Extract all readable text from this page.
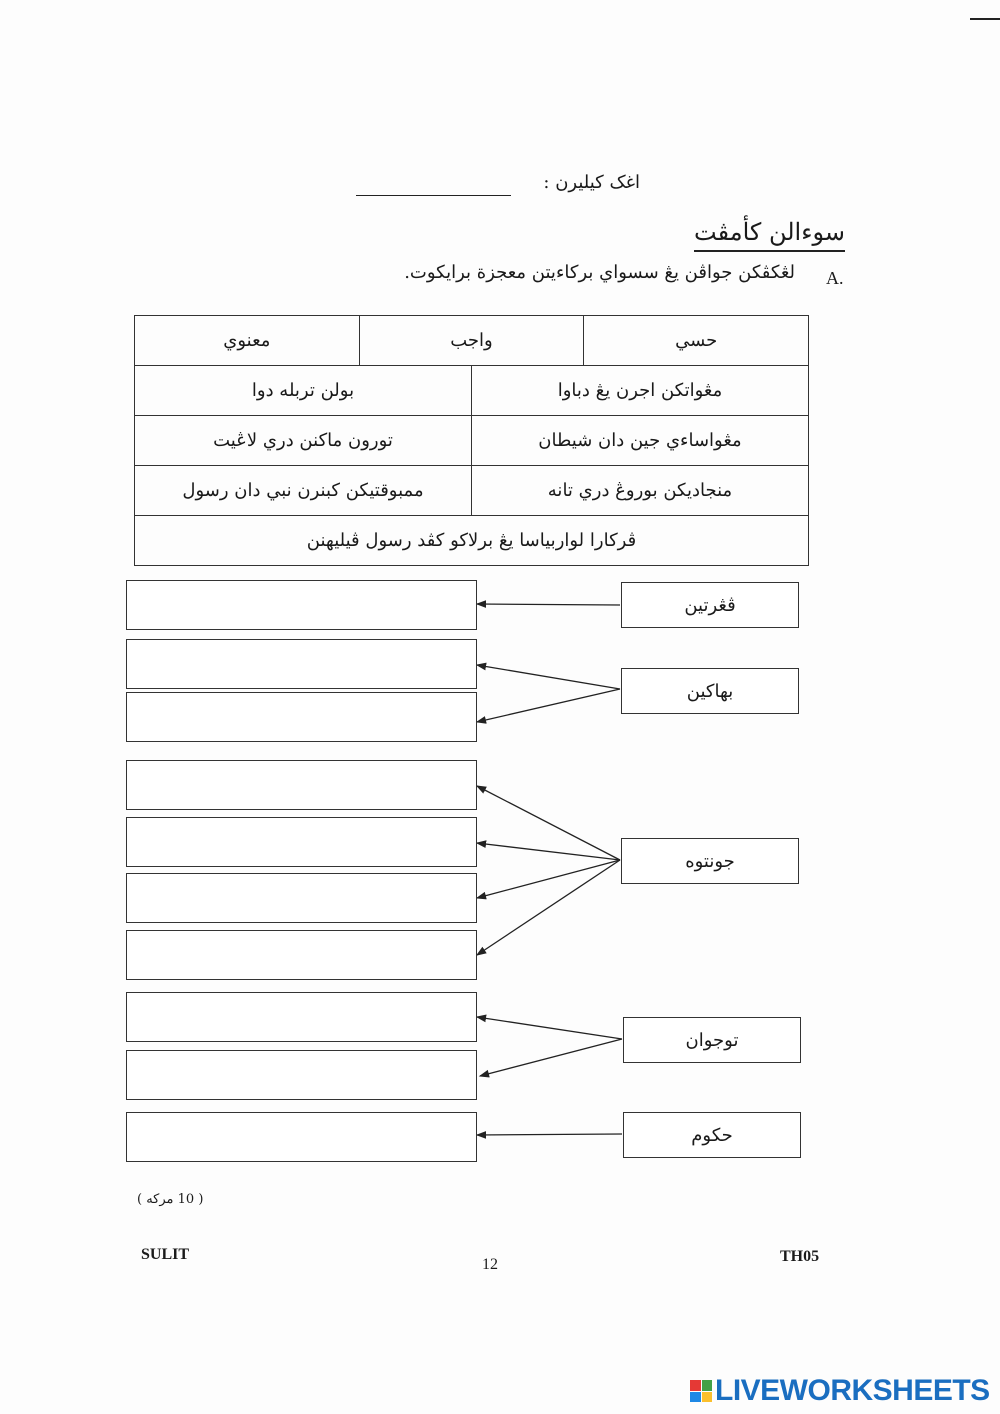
اغک کيليرن :
سوءالن کأمڤت
A.
لڠکڤکن جواڤن يڠ سسواي برکاءيتن معجزة برايکوت.
معنوي	واجب		حسي
بولن تربله دوا		مڠواتکن اجرن يڠ دباوا	
تورون ماکنن دري لاڠيت		مڠواساءي جين دان شيطان	
ممبوقتيکن کبنرن نبي دان رسول		منجاديکن بوروڠ دري تانه	
ڤرکارا لواربياسا يڠ برلاکو کڤد رسول ڤيليهنن			
ڤڠرتين
بهاکين
جونتوه
توجوان
حکوم
( 10 مرکه )
SULIT
12	TH05
LIVEWORKSHEETS
